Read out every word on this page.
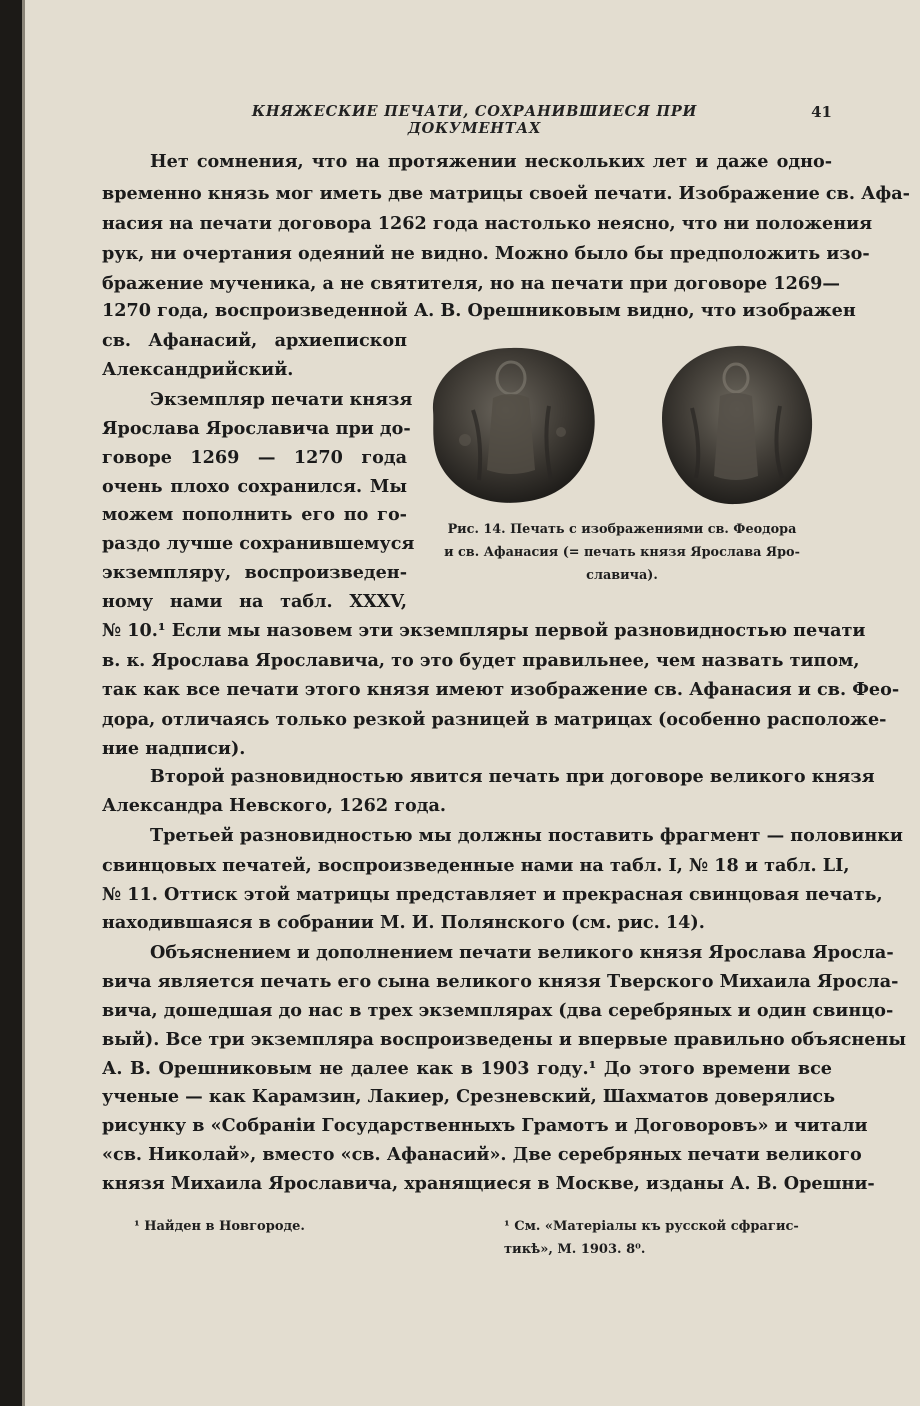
КНЯЖЕСКИЕ ПЕЧАТИ, СОХРАНИВШИЕСЯ ПРИ ДОКУМЕНТАХ
41
Нет сомнения, что на протяжении нескольких лет и даже одно-
временно князь мог иметь две матрицы своей печати. Изображение св. Афа-
насия на печати договора 1262 года настолько неясно, что ни положения
рук, ни очертания одеяний не видно. Можно было бы предположить изо-
бражение мученика, а не святителя, но на печати при договоре 1269—
1270 года, воспроизведенной А. В. Орешниковым видно, что изображен
св. Афанасий, архиепископ
Александрийский.
Экземпляр печати князя
Ярослава Ярославича при до-
говоре 1269 — 1270 года
очень плохо сохранился. Мы
можем пополнить его по го-
раздо лучше сохранившемуся
экземпляру, воспроизведен-
ному нами на табл. XXXV,
№ 10.¹ Если мы назовем эти экземпляры первой разновидностью печати
в. к. Ярослава Ярославича, то это будет правильнее, чем назвать типом,
так как все печати этого князя имеют изображение св. Афанасия и св. Фео-
дора, отличаясь только резкой разницей в матрицах (особенно расположе-
ние надписи).
Второй разновидностью явится печать при договоре великого князя
Александра Невского, 1262 года.
Третьей разновидностью мы должны поставить фрагмент — половинки
свинцовых печатей, воспроизведенные нами на табл. I, № 18 и табл. LI,
№ 11. Оттиск этой матрицы представляет и прекрасная свинцовая печать,
находившаяся в собрании М. И. Полянского (см. рис. 14).
Объяснением и дополнением печати великого князя Ярослава Яросла-
вича является печать его сына великого князя Тверского Михаила Яросла-
вича, дошедшая до нас в трех экземплярах (два серебряных и один свинцо-
вый). Все три экземпляра воспроизведены и впервые правильно объяснены
А. В. Орешниковым не далее как в 1903 году.¹ До этого времени все
ученые — как Карамзин, Лакиер, Срезневский, Шахматов доверялись
рисунку в «Собранiи Государственныхъ Грамотъ и Договоровъ» и читали
«св. Николай», вместо «св. Афанасий». Две серебряных печати великого
князя Михаила Ярославича, хранящиеся в Москве, изданы А. В. Орешни-
Рис. 14. Печать с изображениями св. Феодора
и св. Афанасия (= печать князя Ярослава Яро-
славича).
¹ Найден в Новгороде.	¹ См. «Матерiалы къ русской сфрагис-
тикѣ», М. 1903. 8⁰.
